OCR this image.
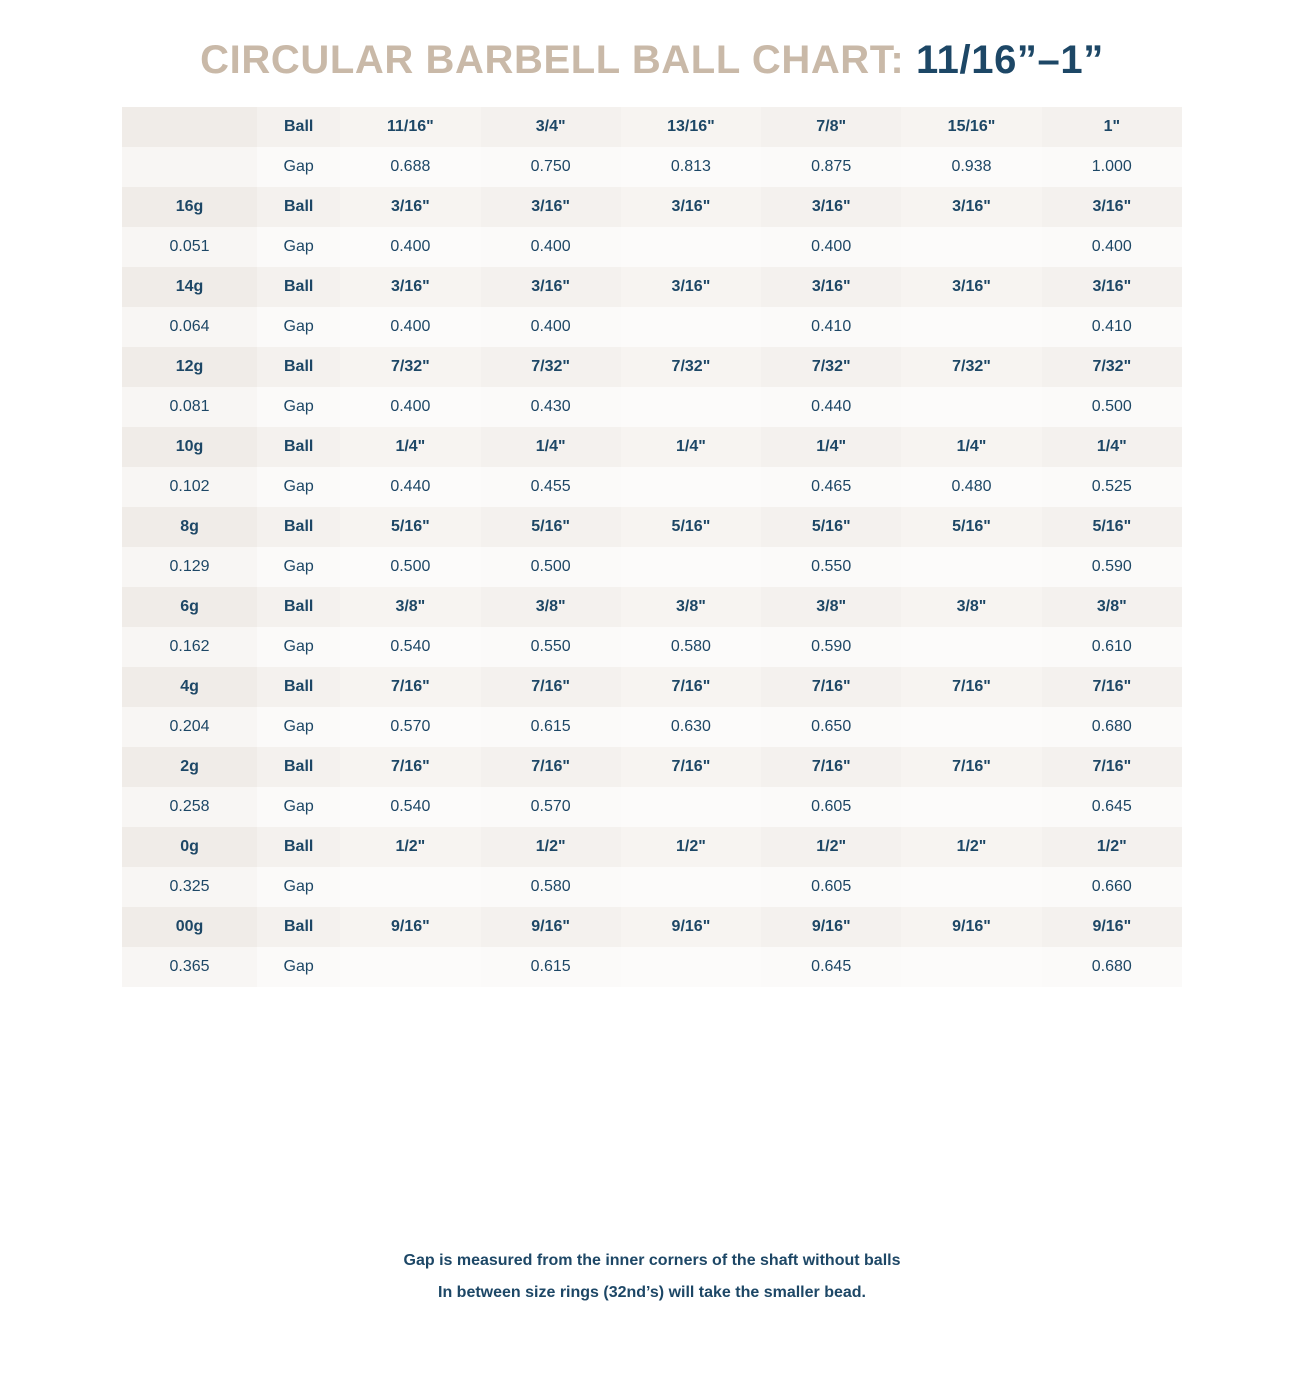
CIRCULAR BARBELL BALL CHART: 11/16”–1”
	Ball	11/16"	3/4"	13/16"	7/8"	15/16"	1"
	Gap	0.688	0.750	0.813	0.875	0.938	1.000
16g	Ball	3/16"	3/16"	3/16"	3/16"	3/16"	3/16"
0.051	Gap	0.400	0.400		0.400		0.400
14g	Ball	3/16"	3/16"	3/16"	3/16"	3/16"	3/16"
0.064	Gap	0.400	0.400		0.410		0.410
12g	Ball	7/32"	7/32"	7/32"	7/32"	7/32"	7/32"
0.081	Gap	0.400	0.430		0.440		0.500
10g	Ball	1/4"	1/4"	1/4"	1/4"	1/4"	1/4"
0.102	Gap	0.440	0.455		0.465	0.480	0.525
8g	Ball	5/16"	5/16"	5/16"	5/16"	5/16"	5/16"
0.129	Gap	0.500	0.500		0.550		0.590
6g	Ball	3/8"	3/8"	3/8"	3/8"	3/8"	3/8"
0.162	Gap	0.540	0.550	0.580	0.590		0.610
4g	Ball	7/16"	7/16"	7/16"	7/16"	7/16"	7/16"
0.204	Gap	0.570	0.615	0.630	0.650		0.680
2g	Ball	7/16"	7/16"	7/16"	7/16"	7/16"	7/16"
0.258	Gap	0.540	0.570		0.605		0.645
0g	Ball	1/2"	1/2"	1/2"	1/2"	1/2"	1/2"
0.325	Gap		0.580		0.605		0.660
00g	Ball	9/16"	9/16"	9/16"	9/16"	9/16"	9/16"
0.365	Gap		0.615		0.645		0.680
Gap is measured from the inner corners of the shaft without balls
In between size rings (32nd’s) will take the smaller bead.
